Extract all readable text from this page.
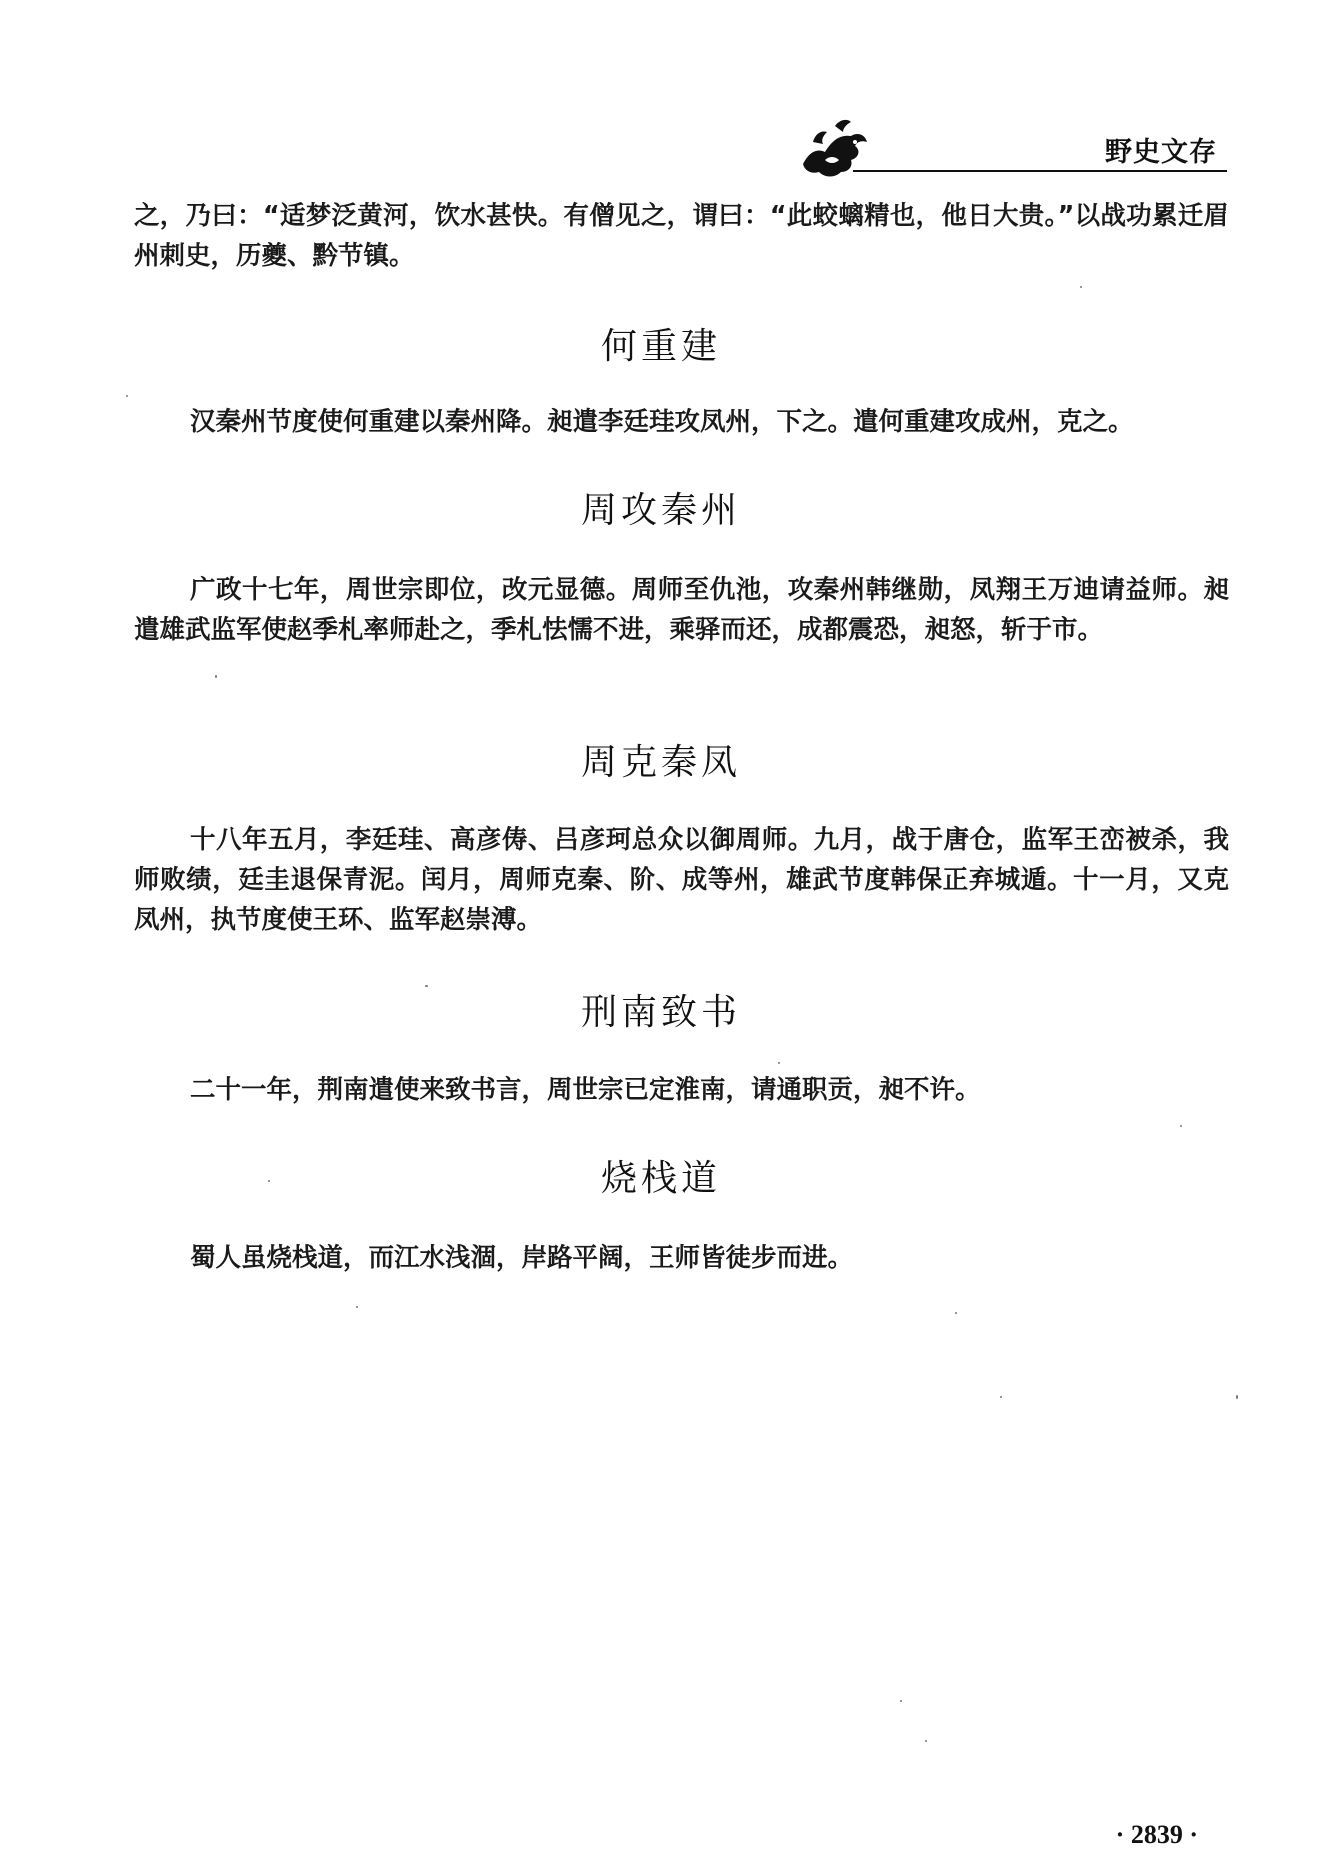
野史文存

之，乃曰：“适梦泛黄河，饮水甚快。有僧见之，谓曰：“此蛟螭精也，他日大贵。”以战功累迁眉州刺史，历夔、黔节镇。

何重建

汉秦州节度使何重建以秦州降。昶遣李廷珪攻凤州，下之。遣何重建攻成州，克之。

周攻秦州

广政十七年，周世宗即位，改元显德。周师至仇池，攻秦州韩继勋，凤翔王万迪请益师。昶遣雄武监军使赵季札率师赴之，季札怯懦不进，乘驿而还，成都震恐，昶怒，斩于市。

周克秦凤

十八年五月，李廷珪、高彦俦、吕彦珂总众以御周师。九月，战于唐仓，监军王峦被杀，我师败绩，廷圭退保青泥。闰月，周师克秦、阶、成等州，雄武节度韩保正弃城遁。十一月，又克凤州，执节度使王环、监军赵崇溥。

刑南致书

二十一年，荆南遣使来致书言，周世宗已定淮南，请通职贡，昶不许。

烧栈道

蜀人虽烧栈道，而江水浅涸，岸路平阔，王师皆徒步而进。

· 2839 ·
